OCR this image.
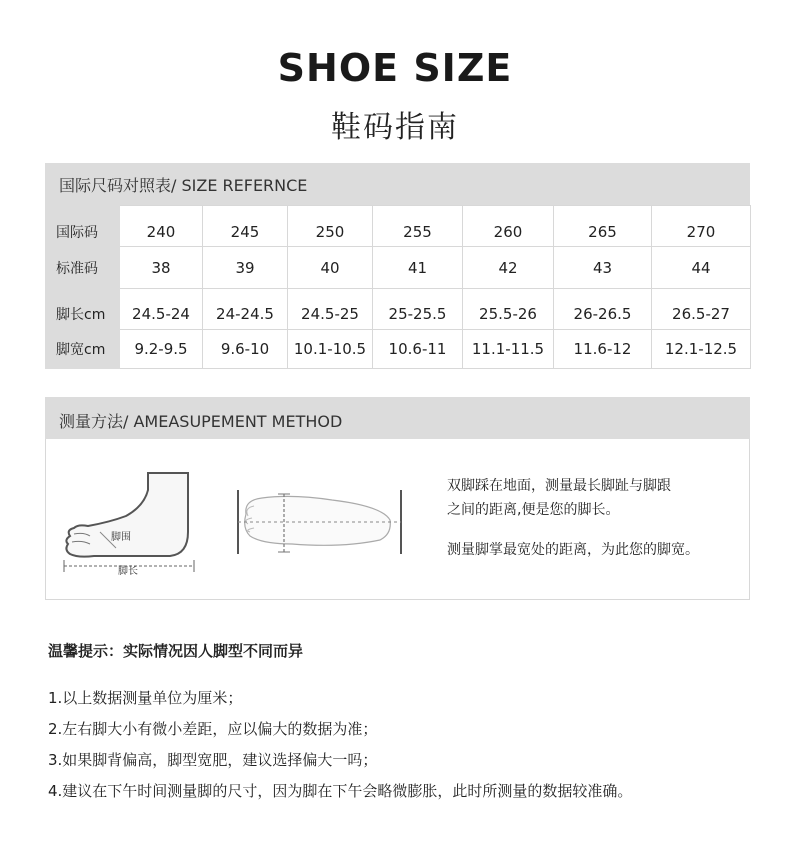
SHOE SIZE
鞋码指南
国际尺码对照表/ SIZE REFERNCE
国际码	240	245	250	255	260	265	270
标准码	38	39	40	41	42	43	44
脚长cm	24.5-24	24-24.5	24.5-25	25-25.5	25.5-26	26-26.5	26.5-27
脚宽cm	9.2-9.5	9.6-10	10.1-10.5	10.6-11	11.1-11.5	11.6-12	12.1-12.5
测量方法/ AMEASUPEMENT METHOD
脚围
脚长

双脚踩在地面，测量最长脚趾与脚跟

之间的距离,便是您的脚长。

测量脚掌最宽处的距离，为此您的脚宽。

温馨提示：实际情况因人脚型不同而异
1.以上数据测量单位为厘米；
2.左右脚大小有微小差距，应以偏大的数据为准；
3.如果脚背偏高，脚型宽肥，建议选择偏大一吗；
4.建议在下午时间测量脚的尺寸，因为脚在下午会略微膨胀，此时所测量的数据较准确。
